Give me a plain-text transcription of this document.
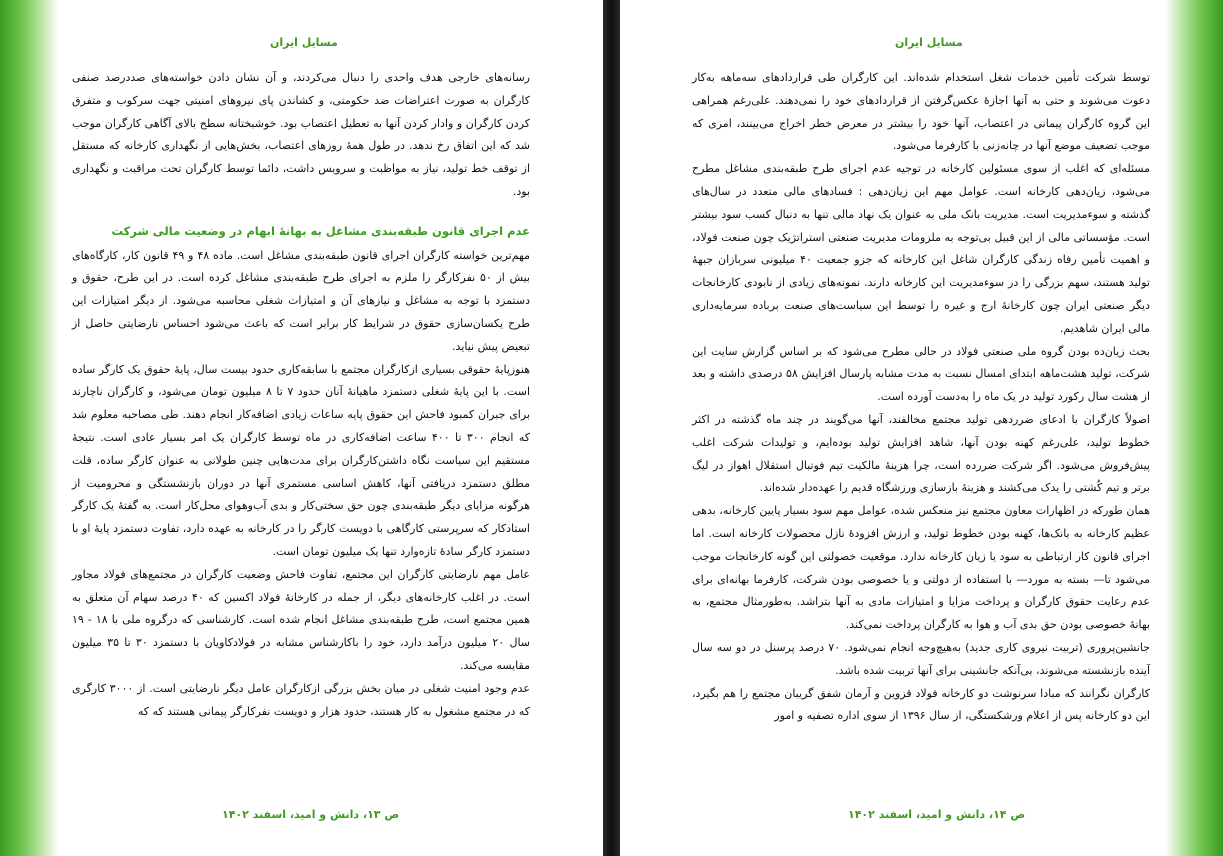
مسایل ایران

رسانه‌های خارجی هدف واحدی را دنبال می‌کردند، و آن نشان دادن خواسته‌های صددرصد صنفی کارگران به صورت اعتراضات ضد حکومتی، و کشاندن پای نیروهای امنیتی جهت سرکوب و متفرق کردن کارگران و وادار کردن آنها به تعطیل اعتصاب بود. خوشبختانه سطح بالای آگاهی کارگران موجب شد که این اتفاق رخ ندهد. در طول همهٔ روزهای اعتصاب، بخش‌هایی از نگهداری کارخانه که مستقل از توقف خط تولید، نیاز به مواظبت و سرویس داشت، دائما توسط کارگران تحت مراقبت و نگهداری بود.

عدم اجرای قانون طبقه‌بندی مشاغل به بهانهٔ ابهام در وضعیت مالی شرکت

مهم‌ترین خواسته کارگران اجرای قانون طبقه‌بندی مشاغل است. ماده ۴۸ و ۴۹ قانون کار، کارگاه‌های بیش از ۵۰ نفرکارگر را ملزم به اجرای طرح طبقه‌بندی مشاغل کرده است. در این طرح، حقوق و دستمزد با توجه به مشاغل و نیازهای آن و امتیازات شغلی محاسبه می‌شود. از دیگر امتیازات این طرح یکسان‌سازی حقوق در شرایط کار برابر است که باعث می‌شود احساس نارضایتی حاصل از تبعیض پیش نیاید.

هنوزپایهٔ حقوقی بسیاری ازکارگران مجتمع با سابقه‌کاری حدود بیست سال، پایهٔ حقوق یک کارگر ساده است. با این پایهٔ شغلی دستمزد ماهیانهٔ آنان حدود ۷ تا ۸ میلیون تومان می‌شود، و کارگران ناچارند برای جبران کمبود فاحش این حقوق پایه ساعات زیادی اضافه‌کار انجام دهند. طی مصاحبه معلوم شد که انجام ۳۰۰ تا ۴۰۰ ساعت اضافه‌کاری در ماه توسط کارگران یک امر بسیار عادی است. نتیجهٔ مستقیم این سیاست نگاه داشتن‌کارگران برای مدت‌هایی چنین طولانی به عنوان کارگر ساده، قلت مطلق دستمزد دریافتی آنها، کاهش اساسی مستمری آنها در دوران بازنشستگی و محرومیت از هرگونه مزایای دیگر طبقه‌بندی چون حق سختی‌کار و بدی آب‌وهوای محل‌کار است. به گفتهٔ یک کارگر استادکار که سرپرستی کارگاهی با دویست کارگر را در کارخانه به عهده دارد، تفاوت دستمزد پایهٔ او با دستمزد کارگر سادهٔ تازه‌وارد تنها یک میلیون تومان است.

عامل مهم نارضایتی کارگران این مجتمع، تفاوت فاحش وضعیت کارگران در مجتمع‌های فولاد مجاور است. در اغلب کارخانه‌های دیگر، از جمله در کارخانهٔ فولاد اکسین که ۴۰ درصد سهام آن متعلق به همین مجتمع است، طرح طبقه‌بندی مشاغل انجام شده است. کارشناسی که درگروه ملی با ۱۸ - ۱۹ سال ۲۰ میلیون درآمد دارد، خود را باکارشناس مشابه در فولادکاویان با دستمزد ۳۰ تا ۳۵ میلیون مقایسه می‌کند.

عدم وجود امنیت شغلی در میان بخش بزرگی ازکارگران عامل دیگر نارضایتی است. از ۳۰۰۰ کارگری که در مجتمع مشغول به کار هستند، حدود هزار و دویست نفرکارگر پیمانی هستند که که

ص ۱۳، دانش و امید، اسفند ۱۴۰۲
مسایل ایران

توسط شرکت تأمین خدمات شغل استخدام شده‌اند. این کارگران طی قراردادهای سه‌ماهه به‌کار دعوت می‌شوند و حتی به آنها اجازهٔ عکس‌گرفتن از قراردادهای خود را نمی‌دهند. علی‌رغم همراهی این گروه کارگران پیمانی در اعتصاب، آنها خود را بیشتر در معرض خطر اخراج می‌بینند، امری که موجب تضعیف موضع آنها در چانه‌زنی با کارفرما می‌شود.

مسئله‌ای که اغلب از سوی مسئولین کارخانه در توجیه عدم اجرای طرح طبقه‌بندی مشاغل مطرح می‌شود، زیان‌دهی کارخانه است. عوامل مهم این زیان‌دهی : فسادهای مالی متعدد در سال‌های گذشته و سوء‌مدیریت است. مدیریت بانک ملی به عنوان یک نهاد مالی تنها به دنبال کسب سود بیشتر است. مؤسساتی مالی از این قبیل بی‌توجه به ملزومات مدیریت صنعتی استراتژیک چون صنعت فولاد، و اهمیت تأمین رفاه زندگی کارگران شاغل این کارخانه که جزو جمعیت ۴۰ میلیونی سربازان جبههٔ تولید هستند، سهم بزرگی را در سوء‌مدیریت این کارخانه دارند. نمونه‌های زیادی از نابودی کارخانجات دیگر صنعتی ایران چون کارخانهٔ ارج و غیره را توسط این سیاست‌های صنعت برباده سرمایه‌داری مالی ایران شاهدیم.

بحث زیان‌ده بودن گروه ملی صنعتی فولاد در حالی مطرح می‌شود که بر اساس گزارش سایت این شرکت، تولید هشت‌ماهه ابتدای امسال نسبت به مدت مشابه پارسال افزایش ۵۸ درصدی داشته و بعد از هشت سال رکورد تولید در یک ماه را به‌دست آورده است.

اصولاً کارگران با ادعای ضرردهی تولید مجتمع مخالفند، آنها می‌گویند در چند ماه گذشته در اکثر خطوط تولید، علی‌رغم کهنه بودن آنها، شاهد افزایش تولید بوده‌ایم، و تولیدات شرکت اغلب پیش‌فروش می‌شود. اگر شرکت ضررده است، چرا هزینهٔ مالکیت تیم فوتبال استقلال اهواز در لیگ برتر و تیم کُشتی را یدک می‌کشند و هزینهٔ بازسازی ورزشگاه قدیم را عهده‌دار شده‌اند.

همان طورکه در اظهارات معاون مجتمع نیز منعکس شده، عوامل مهم سود بسیار پایین کارخانه، بدهی عظیم کارخانه به بانک‌ها، کهنه بودن خطوط تولید، و ارزش افزودهٔ نازل محصولات کارخانه است. اما اجرای قانون کار ارتباطی به سود یا زیان کارخانه ندارد. موقعیت خصولتی این گونه کارخانجات موجب می‌شود تا— بسته به مورد— با استفاده از دولتی و یا خصوصی بودن شرکت، کارفرما بهانه‌ای برای عدم رعایت حقوق کارگران و پرداخت مزایا و امتیازات مادی به آنها بتراشد. به‌طورمثال مجتمع، به بهانهٔ خصوصی بودن حق بدی آب و هوا به کارگران پرداخت نمی‌کند.

جانشین‌پروری (تربیت نیروی کاری جدید) به‌هیچ‌وجه انجام نمی‌شود. ۷۰ درصد پرسنل در دو سه سال آینده بازنشسته می‌شوند، بی‌آنکه جانشینی برای آنها تربیت شده باشد.

کارگران نگرانند که مبادا سرنوشت دو کارخانه فولاد قزوین و آرمان شفق گریبان مجتمع را هم بگیرد، این دو کارخانه پس از اعلام ورشکستگی، از سال ۱۳۹۶ از سوی اداره تصفیه و امور

ص ۱۴، دانش و امید، اسفند ۱۴۰۲
